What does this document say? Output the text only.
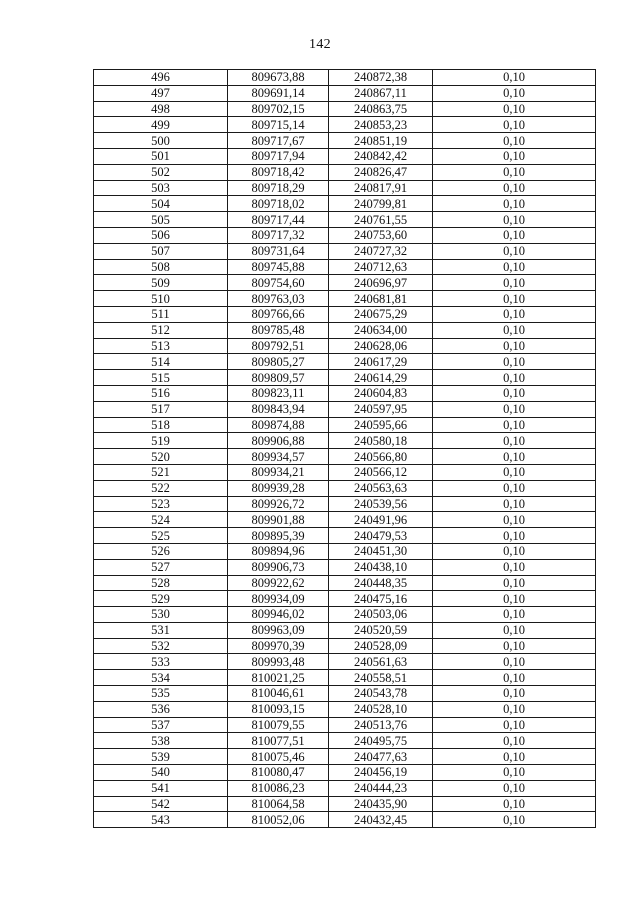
142
496	809673,88	240872,38	0,10
497	809691,14	240867,11	0,10
498	809702,15	240863,75	0,10
499	809715,14	240853,23	0,10
500	809717,67	240851,19	0,10
501	809717,94	240842,42	0,10
502	809718,42	240826,47	0,10
503	809718,29	240817,91	0,10
504	809718,02	240799,81	0,10
505	809717,44	240761,55	0,10
506	809717,32	240753,60	0,10
507	809731,64	240727,32	0,10
508	809745,88	240712,63	0,10
509	809754,60	240696,97	0,10
510	809763,03	240681,81	0,10
511	809766,66	240675,29	0,10
512	809785,48	240634,00	0,10
513	809792,51	240628,06	0,10
514	809805,27	240617,29	0,10
515	809809,57	240614,29	0,10
516	809823,11	240604,83	0,10
517	809843,94	240597,95	0,10
518	809874,88	240595,66	0,10
519	809906,88	240580,18	0,10
520	809934,57	240566,80	0,10
521	809934,21	240566,12	0,10
522	809939,28	240563,63	0,10
523	809926,72	240539,56	0,10
524	809901,88	240491,96	0,10
525	809895,39	240479,53	0,10
526	809894,96	240451,30	0,10
527	809906,73	240438,10	0,10
528	809922,62	240448,35	0,10
529	809934,09	240475,16	0,10
530	809946,02	240503,06	0,10
531	809963,09	240520,59	0,10
532	809970,39	240528,09	0,10
533	809993,48	240561,63	0,10
534	810021,25	240558,51	0,10
535	810046,61	240543,78	0,10
536	810093,15	240528,10	0,10
537	810079,55	240513,76	0,10
538	810077,51	240495,75	0,10
539	810075,46	240477,63	0,10
540	810080,47	240456,19	0,10
541	810086,23	240444,23	0,10
542	810064,58	240435,90	0,10
543	810052,06	240432,45	0,10
